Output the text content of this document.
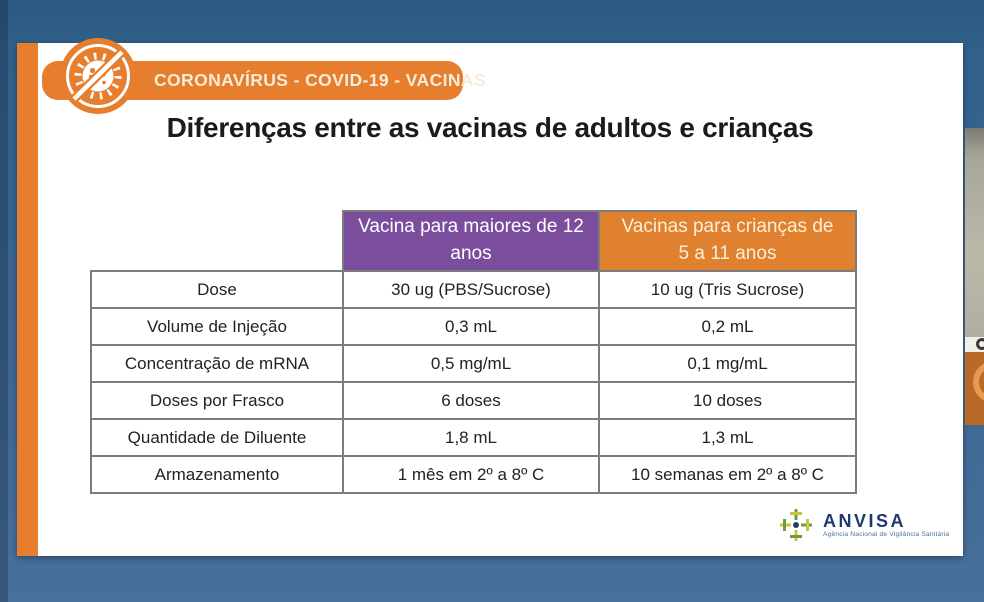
CORONAVÍRUS - COVID-19 - VACINAS
Diferenças entre as vacinas de adultos e crianças
	Vacina para maiores de 12 anos	Vacinas para crianças de 5 a 11 anos
Dose	30 ug (PBS/Sucrose)	10 ug (Tris Sucrose)
Volume de Injeção	0,3 mL	0,2 mL
Concentração de mRNA	0,5 mg/mL	0,1 mg/mL
Doses por Frasco	6 doses	10 doses
Quantidade de Diluente	1,8 mL	1,3 mL
Armazenamento	1 mês em 2º a 8º C	10 semanas em 2º a 8º C
ANVISA
Agência Nacional de Vigilância Sanitária
